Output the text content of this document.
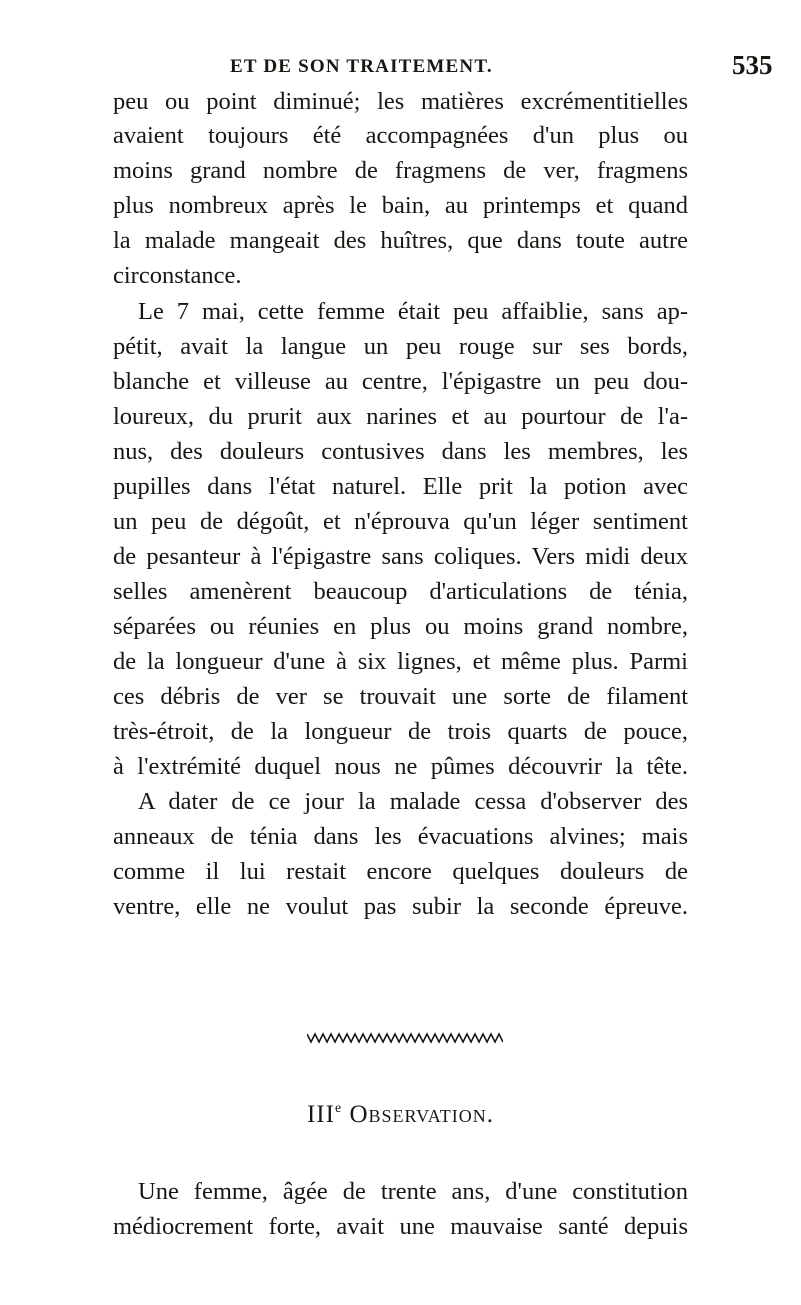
ET DE SON TRAITEMENT.	535
peu ou point diminué; les matières excrémentitielles
avaient toujours été accompagnées d'un plus ou
moins grand nombre de fragmens de ver, fragmens
plus nombreux après le bain, au printemps et quand
la malade mangeait des huîtres, que dans toute autre
circonstance.
Le 7 mai, cette femme était peu affaiblie, sans ap-
pétit, avait la langue un peu rouge sur ses bords,
blanche et villeuse au centre, l'épigastre un peu dou-
loureux, du prurit aux narines et au pourtour de l'a-
nus, des douleurs contusives dans les membres, les
pupilles dans l'état naturel. Elle prit la potion avec
un peu de dégoût, et n'éprouva qu'un léger sentiment
de pesanteur à l'épigastre sans coliques. Vers midi deux
selles amenèrent beaucoup d'articulations de ténia,
séparées ou réunies en plus ou moins grand nombre,
de la longueur d'une à six lignes, et même plus. Parmi
ces débris de ver se trouvait une sorte de filament
très-étroit, de la longueur de trois quarts de pouce,
à l'extrémité duquel nous ne pûmes découvrir la tête.
A dater de ce jour la malade cessa d'observer des
anneaux de ténia dans les évacuations alvines; mais
comme il lui restait encore quelques douleurs de
ventre, elle ne voulut pas subir la seconde épreuve.
IIIe Observation.
Une femme, âgée de trente ans, d'une constitution
médiocrement forte, avait une mauvaise santé depuis
